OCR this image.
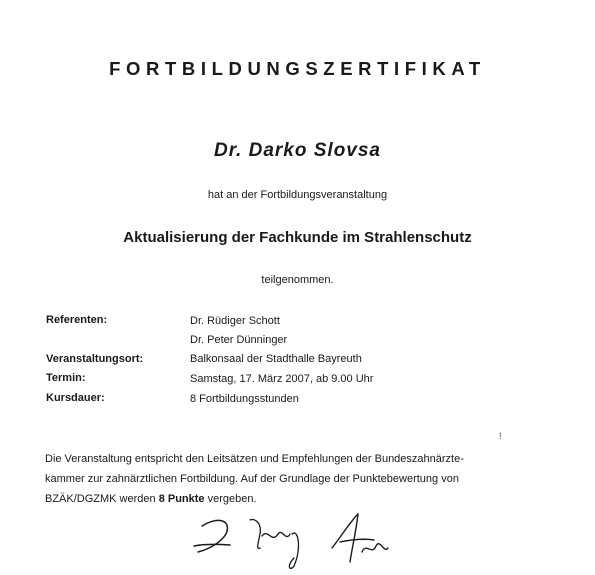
FORTBILDUNGSZERTIFIKAT
Dr. Darko Slovsa
hat an der Fortbildungsveranstaltung
Aktualisierung der Fachkunde im Strahlenschutz
teilgenommen.
Referenten:	Dr. Rüdiger Schott
Dr. Peter Dünninger
Veranstaltungsort:	Balkonsaal der Stadthalle Bayreuth
Termin:	Samstag, 17. März 2007, ab 9.00 Uhr
Kursdauer:	8 Fortbildungsstunden
!

Die Veranstaltung entspricht den Leitsätzen und Empfehlungen der Bundeszahnärzte-

kammer zur zahnärztlichen Fortbildung. Auf der Grundlage der Punktebewertung von

BZÄK/DGZMK werden 8 Punkte vergeben.
